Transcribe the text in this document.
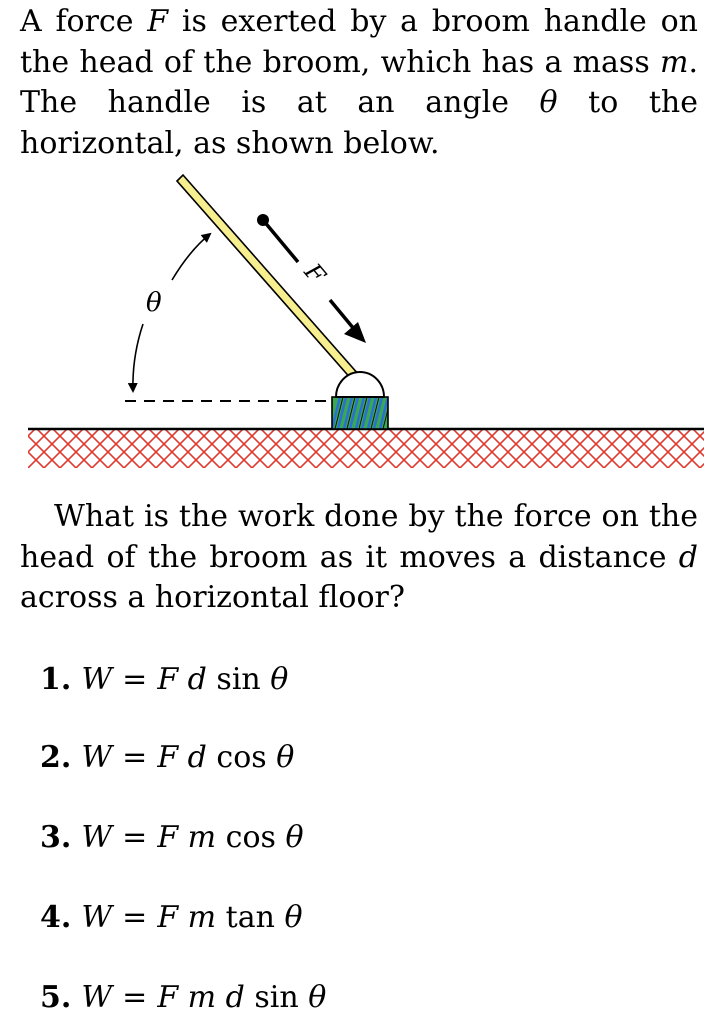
A force F is exerted by a broom handle on the head of the broom, which has a mass m. The handle is at an angle θ to the horizontal, as shown below.

θ
F

What is the work done by the force on the head of the broom as it moves a distance d across a horizontal floor?

1. W = F d sin θ
2. W = F d cos θ
3. W = F m cos θ
4. W = F m tan θ
5. W = F m d sin θ
